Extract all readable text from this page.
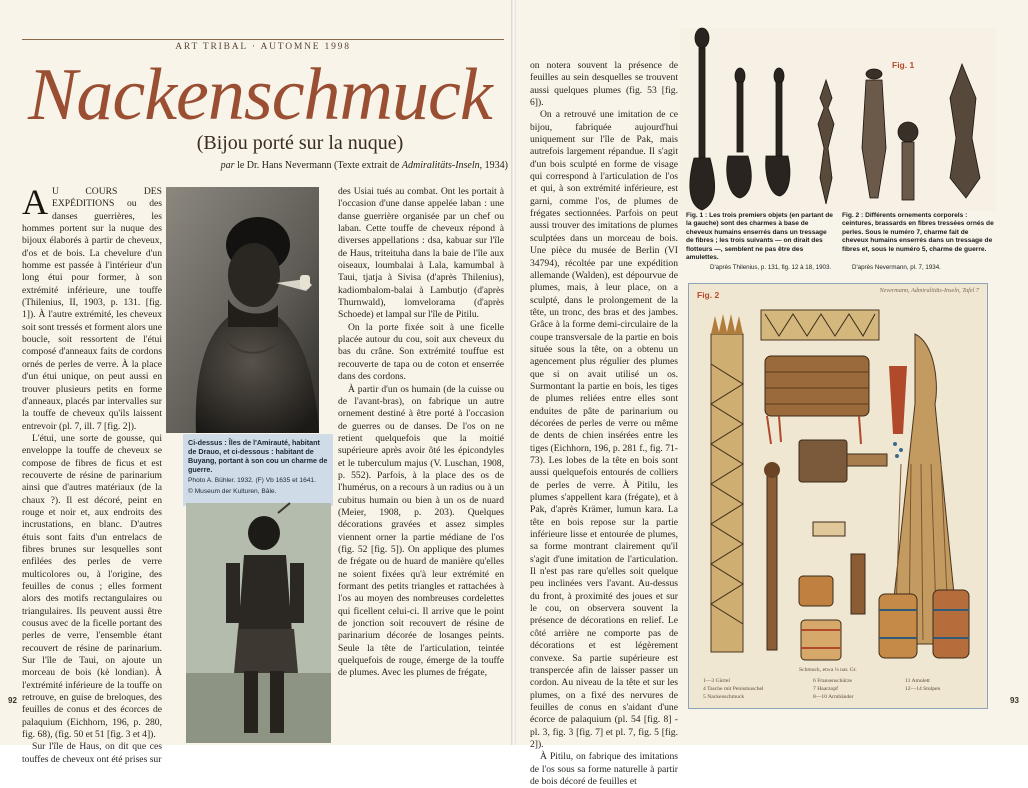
ART TRIBAL · AUTOMNE 1998
Nackenschmuck
(Bijou porté sur la nuque)
par le Dr. Hans Nevermann (Texte extrait de Admiralitäts-Inseln, 1934)

A U COURS DES EXPÉDITIONS ou des danses guerrières, les hommes portent sur la nuque des bijoux élaborés à partir de cheveux, d'os et de bois. La chevelure d'un homme est passée à l'intérieur d'un long étui pour former, à son extrémité inférieure, une touffe (Thilenius, II, 1903, p. 131. [fig. 1]). À l'autre extrémité, les cheveux soit sont tressés et forment alors une boucle, soit ressortent de l'étui composé d'anneaux faits de cordons ornés de perles de verre. À la place d'un étui unique, on peut aussi en trouver plusieurs petits en forme d'anneaux, placés par intervalles sur la touffe de cheveux qu'ils laissent entrevoir (pl. 7, ill. 7 [fig. 2]).

L'étui, une sorte de gousse, qui enveloppe la touffe de cheveux se compose de fibres de ficus et est recouverte de résine de parinarium ainsi que d'autres matériaux (de la chaux ?). Il est décoré, peint en rouge et noir et, aux endroits des incrustations, en blanc. D'autres étuis sont faits d'un entrelacs de fibres brunes sur lesquelles sont enfilées des perles de verre multicolores ou, à l'origine, des feuilles de conus ; elles forment alors des motifs rectangulaires ou triangulaires. Ils peuvent aussi être cousus avec de la ficelle portant des perles de verre, l'ensemble étant recouvert de résine de parinarium. Sur l'île de Taui, on ajoute un morceau de bois (kè londian). À l'extrémité inférieure de la touffe on retrouve, en guise de breloques, des feuilles de conus et des écorces de palaquium (Eichhorn, 196, p. 280, fig. 68), (fig. 50 et 51 [fig. 3 et 4]).

Sur l'île de Haus, on dit que ces touffes de cheveux ont été prises sur

des Usiai tués au combat. Ont les portait à l'occasion d'une danse appelée laban : une danse guerrière organisée par un chef ou laban. Cette touffe de cheveux répond à diverses appellations : dsa, kabuar sur l'île de Haus, triteituha dans la baie de l'île aux oiseaux, loumbalai à Lala, kamumbal à Taui, tjatja à Sivisa (d'après Thilenius), kadiombalom-balai à Lambutjo (d'après Thurnwald), lomvelorama (d'après Schoede) et lampal sur l'île de Pitilu.

On la porte fixée soit à une ficelle placée autour du cou, soit aux cheveux du bas du crâne. Son extrémité touffue est recouverte de tapa ou de coton et enserrée dans des cordons.

À partir d'un os humain (de la cuisse ou de l'avant-bras), on fabrique un autre ornement destiné à être porté à l'occasion de guerres ou de danses. De l'os on ne retient quelquefois que la moitié supérieure après avoir ôté les épicondyles et le tuberculum majus (V. Luschan, 1908, p. 552). Parfois, à la place des os de l'humérus, on a recours à un radius ou à un cubitus humain ou bien à un os de nuard (Meier, 1908, p. 203). Quelques décorations gravées et assez simples viennent orner la partie médiane de l'os (fig. 52 [fig. 5]). On applique des plumes de frégate ou de huard de manière qu'elles ne soient fixées qu'à leur extrémité en formant des petits triangles et rattachées à l'os au moyen des nombreuses cordelettes qui ficellent celui-ci. Il arrive que le point de jonction soit recouvert de résine de parinarium décorée de losanges peints. Seule la tête de l'articulation, teintée quelquefois de rouge, émerge de la touffe de plumes. Avec les plumes de frégate,

Ci-dessus : Îles de l'Amirauté, habitant de Drauo, et ci-dessous : habitant de Buyang, portant à son cou un charme de guerre.
Photo A. Bühler. 1932. (F) Vb 1635 et 1641.
© Museum der Kulturen, Bâle.
92

on notera souvent la présence de feuilles au sein desquelles se trouvent aussi quelques plumes (fig. 53 [fig. 6]).

On a retrouvé une imitation de ce bijou, fabriquée aujourd'hui uniquement sur l'île de Pak, mais autrefois largement répandue. Il s'agit d'un bois sculpté en forme de visage qui correspond à l'articulation de l'os et qui, à son extrémité inférieure, est garni, comme l'os, de plumes de frégates sectionnées. Parfois on peut aussi trouver des imitations de plumes sculptées dans un morceau de bois. Une pièce du musée de Berlin (VI 34794), récoltée par une expédition allemande (Walden), est dépourvue de plumes, mais, à leur place, on a sculpté, dans le prolongement de la tête, un tronc, des bras et des jambes. Grâce à la forme demi-circulaire de la coupe transversale de la partie en bois située sous la tête, on a obtenu un agencement plus régulier des plumes que si on avait utilisé un os. Surmontant la partie en bois, les tiges de plumes reliées entre elles sont enduites de pâte de parinarium ou décorées de perles de verre ou même de dents de chien insérées entre les tiges (Eichhorn, 196, p. 281 f., fig. 71-73). Les lobes de la tête en bois sont aussi quelquefois entourés de colliers de perles de verre. À Pitilu, les plumes s'appellent kara (frégate), et à Pak, d'après Krämer, lumun kara. La tête en bois repose sur la partie inférieure lisse et entourée de plumes, sa forme montrant clairement qu'il s'agit d'une imitation de l'articulation. Il n'est pas rare qu'elles soit quelque peu inclinées vers l'avant. Au-dessus du front, à proximité des joues et sur le cou, on observera souvent la présence de décorations en relief. Le côté arrière ne comporte pas de décorations et est légèrement convexe. Sa partie supérieure est transpercée afin de laisser passer un cordon. Au niveau de la tête et sur les plumes, on a fixé des nervures de feuilles de conus en s'aidant d'une écorce de palaquium (pl. 54 [fig. 8] - pl. 3, fig. 3 [fig. 7] et pl. 7, fig. 5 [fig. 2]).

À Pitilu, on fabrique des imitations de l'os sous sa forme naturelle à partir de bois décoré de feuilles et

93
Fig. 1
Fig. 1 : Les trois premiers objets (en partant de la gauche) sont des charmes à base de cheveux humains enserrés dans un tressage de fibres ; les trois suivants — on dirait des flotteurs —, semblent ne pas être des amulettes.
D'après Thilenius, p. 131, fig. 12 à 18, 1903.
Fig. 2 : Différents ornements corporels : ceintures, brassards en fibres tressées ornés de perles. Sous le numéro 7, charme fait de cheveux humains enserrés dans un tressage de fibres et, sous le numéro 5, charme de guerre.
D'après Nevermann, pl. 7, 1934.
Fig. 2	Nevermann, Admiralitäts-Inseln, Tafel 7
1—3 Gürtel
4 Tasche mit Penismuschel
5 Nackenschmuck
6 Fransenschürze
7 Haarzopf
8—10 Armbänder
11 Amulett
12—14 Stulpen
Schmuck, etwa ¼ nat. Gr.
